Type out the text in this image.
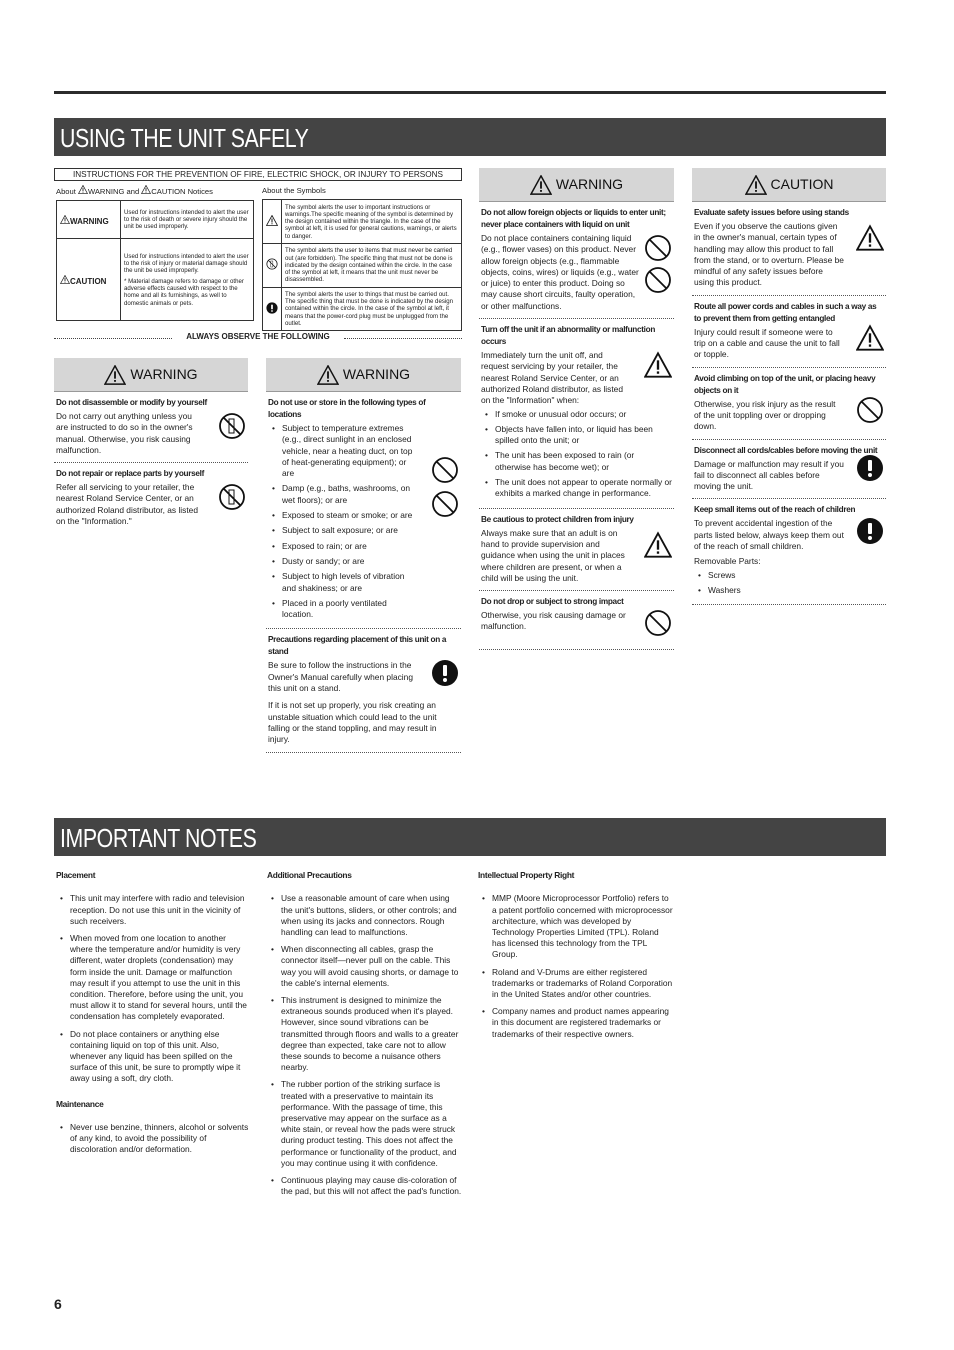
USING THE UNIT SAFELY
INSTRUCTIONS FOR THE PREVENTION OF FIRE, ELECTRIC SHOCK, OR INJURY TO PERSONS
About WARNING and CAUTION Notices
WARNING	Used for instructions intended to alert the user to the risk of death or severe injury should the unit be used improperly.
CAUTION	Used for instructions intended to alert the user to the risk of injury or material damage should the unit be used improperly.
* Material damage refers to damage or other adverse effects caused with respect to the home and all its furnishings, as well to domestic animals or pets.
About the Symbols
	The symbol alerts the user to important instructions or warnings.The specific meaning of the symbol is determined by the design contained within the triangle. In the case of the symbol at left, it is used for general cautions, warnings, or alerts to danger.
	The symbol alerts the user to items that must never be carried out (are forbidden). The specific thing that must not be done is indicated by the design contained within the circle. In the case of the symbol at left, it means that the unit must never be disassembled.
	The symbol alerts the user to things that must be carried out. The specific thing that must be done is indicated by the design contained within the circle. In the case of the symbol at left, it means that the power-cord plug must be unplugged from the outlet.
ALWAYS OBSERVE THE FOLLOWING
WARNING
Do not disassemble or modify by yourself

Do not carry out anything unless you are instructed to do so in the owner's manual. Otherwise, you risk causing malfunction.

Do not repair or replace parts by yourself

Refer all servicing to your retailer, the nearest Roland Service Center, or an authorized Roland distributor, as listed on the "Information."

WARNING
Do not use or store in the following types of locations
• Subject to temperature extremes (e.g., direct sunlight in an enclosed vehicle, near a heating duct, on top of heat-generating equipment); or are
• Damp (e.g., baths, washrooms, on wet floors); or are
• Exposed to steam or smoke; or are
• Subject to salt exposure; or are
• Exposed to rain; or are
• Dusty or sandy; or are
• Subject to high levels of vibration and shakiness; or are
• Placed in a poorly ventilated location.
Precautions regarding placement of this unit on a stand

Be sure to follow the instructions in the Owner's Manual carefully when placing this unit on a stand.

If it is not set up properly, you risk creating an unstable situation which could lead to the unit falling or the stand toppling, and may result in injury.

WARNING
Do not allow foreign objects or liquids to enter unit; never place containers with liquid on unit

Do not place containers containing liquid (e.g., flower vases) on this product. Never allow foreign objects (e.g., flammable objects, coins, wires) or liquids (e.g., water or juice) to enter this product. Doing so may cause short circuits, faulty operation, or other malfunctions.

Turn off the unit if an abnormality or malfunction occurs

Immediately turn the unit off, and request servicing by your retailer, the nearest Roland Service Center, or an authorized Roland distributor, as listed on the "Information" when:

• If smoke or unusual odor occurs; or
• Objects have fallen into, or liquid has been spilled onto the unit; or
• The unit has been exposed to rain (or otherwise has become wet); or
• The unit does not appear to operate normally or exhibits a marked change in performance.
Be cautious to protect children from injury

Always make sure that an adult is on hand to provide supervision and guidance when using the unit in places where children are present, or when a child will be using the unit.

Do not drop or subject to strong impact

Otherwise, you risk causing damage or malfunction.

CAUTION
Evaluate safety issues before using stands

Even if you observe the cautions given in the owner's manual, certain types of handling may allow this product to fall from the stand, or to overturn. Please be mindful of any safety issues before using this product.

Route all power cords and cables in such a way as to prevent them from getting entangled

Injury could result if someone were to trip on a cable and cause the unit to fall or topple.

Avoid climbing on top of the unit, or placing heavy objects on it

Otherwise, you risk injury as the result of the unit toppling over or dropping down.

Disconnect all cords/cables before moving the unit

Damage or malfunction may result if you fail to disconnect all cables before moving the unit.

Keep small items out of the reach of children

To prevent accidental ingestion of the parts listed below, always keep them out of the reach of small children.

Removable Parts:

• Screws
• Washers
IMPORTANT NOTES
Placement
• This unit may interfere with radio and television reception. Do not use this unit in the vicinity of such receivers.
• When moved from one location to another where the temperature and/or humidity is very different, water droplets (condensation) may form inside the unit. Damage or malfunction may result if you attempt to use the unit in this condition. Therefore, before using the unit, you must allow it to stand for several hours, until the condensation has completely evaporated.
• Do not place containers or anything else containing liquid on top of this unit. Also, whenever any liquid has been spilled on the surface of this unit, be sure to promptly wipe it away using a soft, dry cloth.
Maintenance
• Never use benzine, thinners, alcohol or solvents of any kind, to avoid the possibility of discoloration and/or deformation.
Additional Precautions
• Use a reasonable amount of care when using the unit's buttons, sliders, or other controls; and when using its jacks and connectors. Rough handling can lead to malfunctions.
• When disconnecting all cables, grasp the connector itself—never pull on the cable. This way you will avoid causing shorts, or damage to the cable's internal elements.
• This instrument is designed to minimize the extraneous sounds produced when it's played. However, since sound vibrations can be transmitted through floors and walls to a greater degree than expected, take care not to allow these sounds to become a nuisance others nearby.
• The rubber portion of the striking surface is treated with a preservative to maintain its performance. With the passage of time, this preservative may appear on the surface as a white stain, or reveal how the pads were struck during product testing. This does not affect the performance or functionality of the product, and you may continue using it with confidence.
• Continuous playing may cause dis-coloration of the pad, but this will not affect the pad's function.
Intellectual Property Right
• MMP (Moore Microprocessor Portfolio) refers to a patent portfolio concerned with microprocessor architecture, which was developed by Technology Properties Limited (TPL). Roland has licensed this technology from the TPL Group.
• Roland and V-Drums are either registered trademarks or trademarks of Roland Corporation in the United States and/or other countries.
• Company names and product names appearing in this document are registered trademarks or trademarks of their respective owners.
6
